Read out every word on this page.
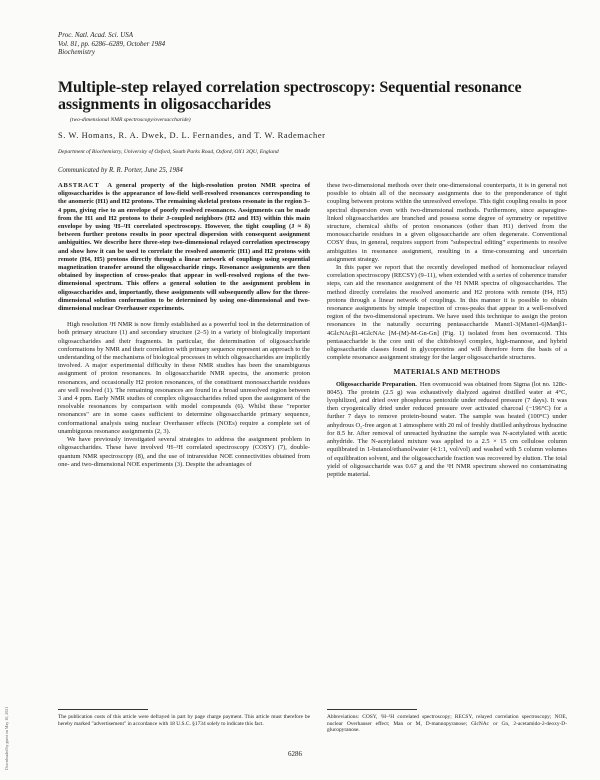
Proc. Natl. Acad. Sci. USA
Vol. 81, pp. 6286–6289, October 1984
Biochemistry
Multiple-step relayed correlation spectroscopy: Sequential resonance assignments in oligosaccharides
(two-dimensional NMR spectroscopy/oversaccharide)
S. W. Homans, R. A. Dwek, D. L. Fernandes, and T. W. Rademacher
Department of Biochemistry, University of Oxford, South Parks Road, Oxford, OX1 3QU, England
Communicated by R. R. Porter, June 25, 1984

ABSTRACT A general property of the high-resolution proton NMR spectra of oligosaccharides is the appearance of low-field well-resolved resonances corresponding to the anomeric (H1) and H2 protons. The remaining skeletal protons resonate in the region 3–4 ppm, giving rise to an envelope of poorly resolved resonances. Assignments can be made from the H1 and H2 protons to their J-coupled neighbors (H2 and H3) within this main envelope by using ¹H–¹H correlated spectroscopy. However, the tight coupling (J ≈ δ) between further protons results in poor spectral dispersion with consequent assignment ambiguities. We describe here three-step two-dimensional relayed correlation spectroscopy and show how it can be used to correlate the resolved anomeric (H1) and H2 protons with remote (H4, H5) protons directly through a linear network of couplings using sequential magnetization transfer around the oligosaccharide rings. Resonance assignments are then obtained by inspection of cross-peaks that appear in well-resolved regions of the two-dimensional spectrum. This offers a general solution to the assignment problem in oligosaccharides and, importantly, these assignments will subsequently allow for the three-dimensional solution conformation to be determined by using one-dimensional and two-dimensional nuclear Overhauser experiments.

High resolution ¹H NMR is now firmly established as a powerful tool in the determination of both primary structure (1) and secondary structure (2–5) in a variety of biologically important oligosaccharides and their fragments. In particular, the determination of oligosaccharide conformations by NMR and their correlation with primary sequence represent an approach to the understanding of the mechanisms of biological processes in which oligosaccharides are implicitly involved. A major experimental difficulty in these NMR studies has been the unambiguous assignment of proton resonances. In oligosaccharide NMR spectra, the anomeric proton resonances, and occasionally H2 proton resonances, of the constituent monosaccharide residues are well resolved (1). The remaining resonances are found in a broad unresolved region between 3 and 4 ppm. Early NMR studies of complex oligosaccharides relied upon the assignment of the resolvable resonances by comparison with model compounds (6). Whilst these "reporter resonances" are in some cases sufficient to determine oligosaccharide primary sequence, conformational analysis using nuclear Overhauser effects (NOEs) require a complete set of unambiguous resonance assignments (2, 3).

We have previously investigated several strategies to address the assignment problem in oligosaccharides. These have involved ¹H–¹H correlated spectroscopy (COSY) (7), double-quantum NMR spectroscopy (8), and the use of intraresidue NOE connectivities obtained from one- and two-dimensional NOE experiments (3). Despite the advantages of

these two-dimensional methods over their one-dimensional counterparts, it is in general not possible to obtain all of the necessary assignments due to the preponderance of tight coupling between protons within the unresolved envelope. This tight coupling results in poor spectral dispersion even with two-dimensional methods. Furthermore, since asparagine-linked oligosaccharides are branched and possess some degree of symmetry or repetitive structure, chemical shifts of proton resonances (other than H1) derived from the monosaccharide residues in a given oligosaccharide are often degenerate. Conventional COSY thus, in general, requires support from "subspectral editing" experiments to resolve ambiguities in resonance assignment, resulting in a time-consuming and uncertain assignment strategy.

In this paper we report that the recently developed method of homonuclear relayed correlation spectroscopy (RECSY) (9–11), when extended with a series of coherence transfer steps, can aid the resonance assignment of the ¹H NMR spectra of oligosaccharides. The method directly correlates the resolved anomeric and H2 protons with remote (H4, H5) protons through a linear network of couplings. In this manner it is possible to obtain resonance assignments by simple inspection of cross-peaks that appear in a well-resolved region of the two-dimensional spectrum. We have used this technique to assign the proton resonances in the naturally occurring pentasaccharide Manα1-3(Manα1-6)Manβ1-4GlcNAcβ1-4GlcNAc [M-(M)-M-Gn-Gn] (Fig. 1) isolated from hen ovomucoid. This pentasaccharide is the core unit of the chitobiosyl complex, high-mannose, and hybrid oligosaccharide classes found in glycoproteins and will therefore form the basis of a complete resonance assignment strategy for the larger oligosaccharide structures.

MATERIALS AND METHODS

Oligosaccharide Preparation. Hen ovomucoid was obtained from Sigma (lot no. 128c-8045). The protein (2.5 g) was exhaustively dialyzed against distilled water at 4°C, lyophilized, and dried over phosphorus pentoxide under reduced pressure (7 days). It was then cryogenically dried under reduced pressure over activated charcoal (−196°C) for a further 7 days to remove protein-bound water. The sample was heated (100°C) under anhydrous O₂-free argon at 1 atmosphere with 20 ml of freshly distilled anhydrous hydrazine for 8.5 hr. After removal of unreacted hydrazine the sample was N-acetylated with acetic anhydride. The N-acetylated mixture was applied to a 2.5 × 15 cm cellulose column equilibrated in 1-butanol/ethanol/water (4:1:1, vol/vol) and washed with 5 column volumes of equilibration solvent, and the oligosaccharide fraction was recovered by elution. The total yield of oligosaccharide was 0.67 g and the ¹H NMR spectrum showed no contaminating peptide material.

The publication costs of this article were defrayed in part by page charge payment. This article must therefore be hereby marked "advertisement" in accordance with 18 U.S.C. §1734 solely to indicate this fact.
Abbreviations: COSY, ¹H–¹H correlated spectroscopy; RECSY, relayed correlation spectroscopy; NOE, nuclear Overhauser effect; Man or M, D-mannopyranose; GlcNAc or Gn, 2-acetamido-2-deoxy-D-glucopyranose.
6286
Downloaded by guest on May 10, 2021
